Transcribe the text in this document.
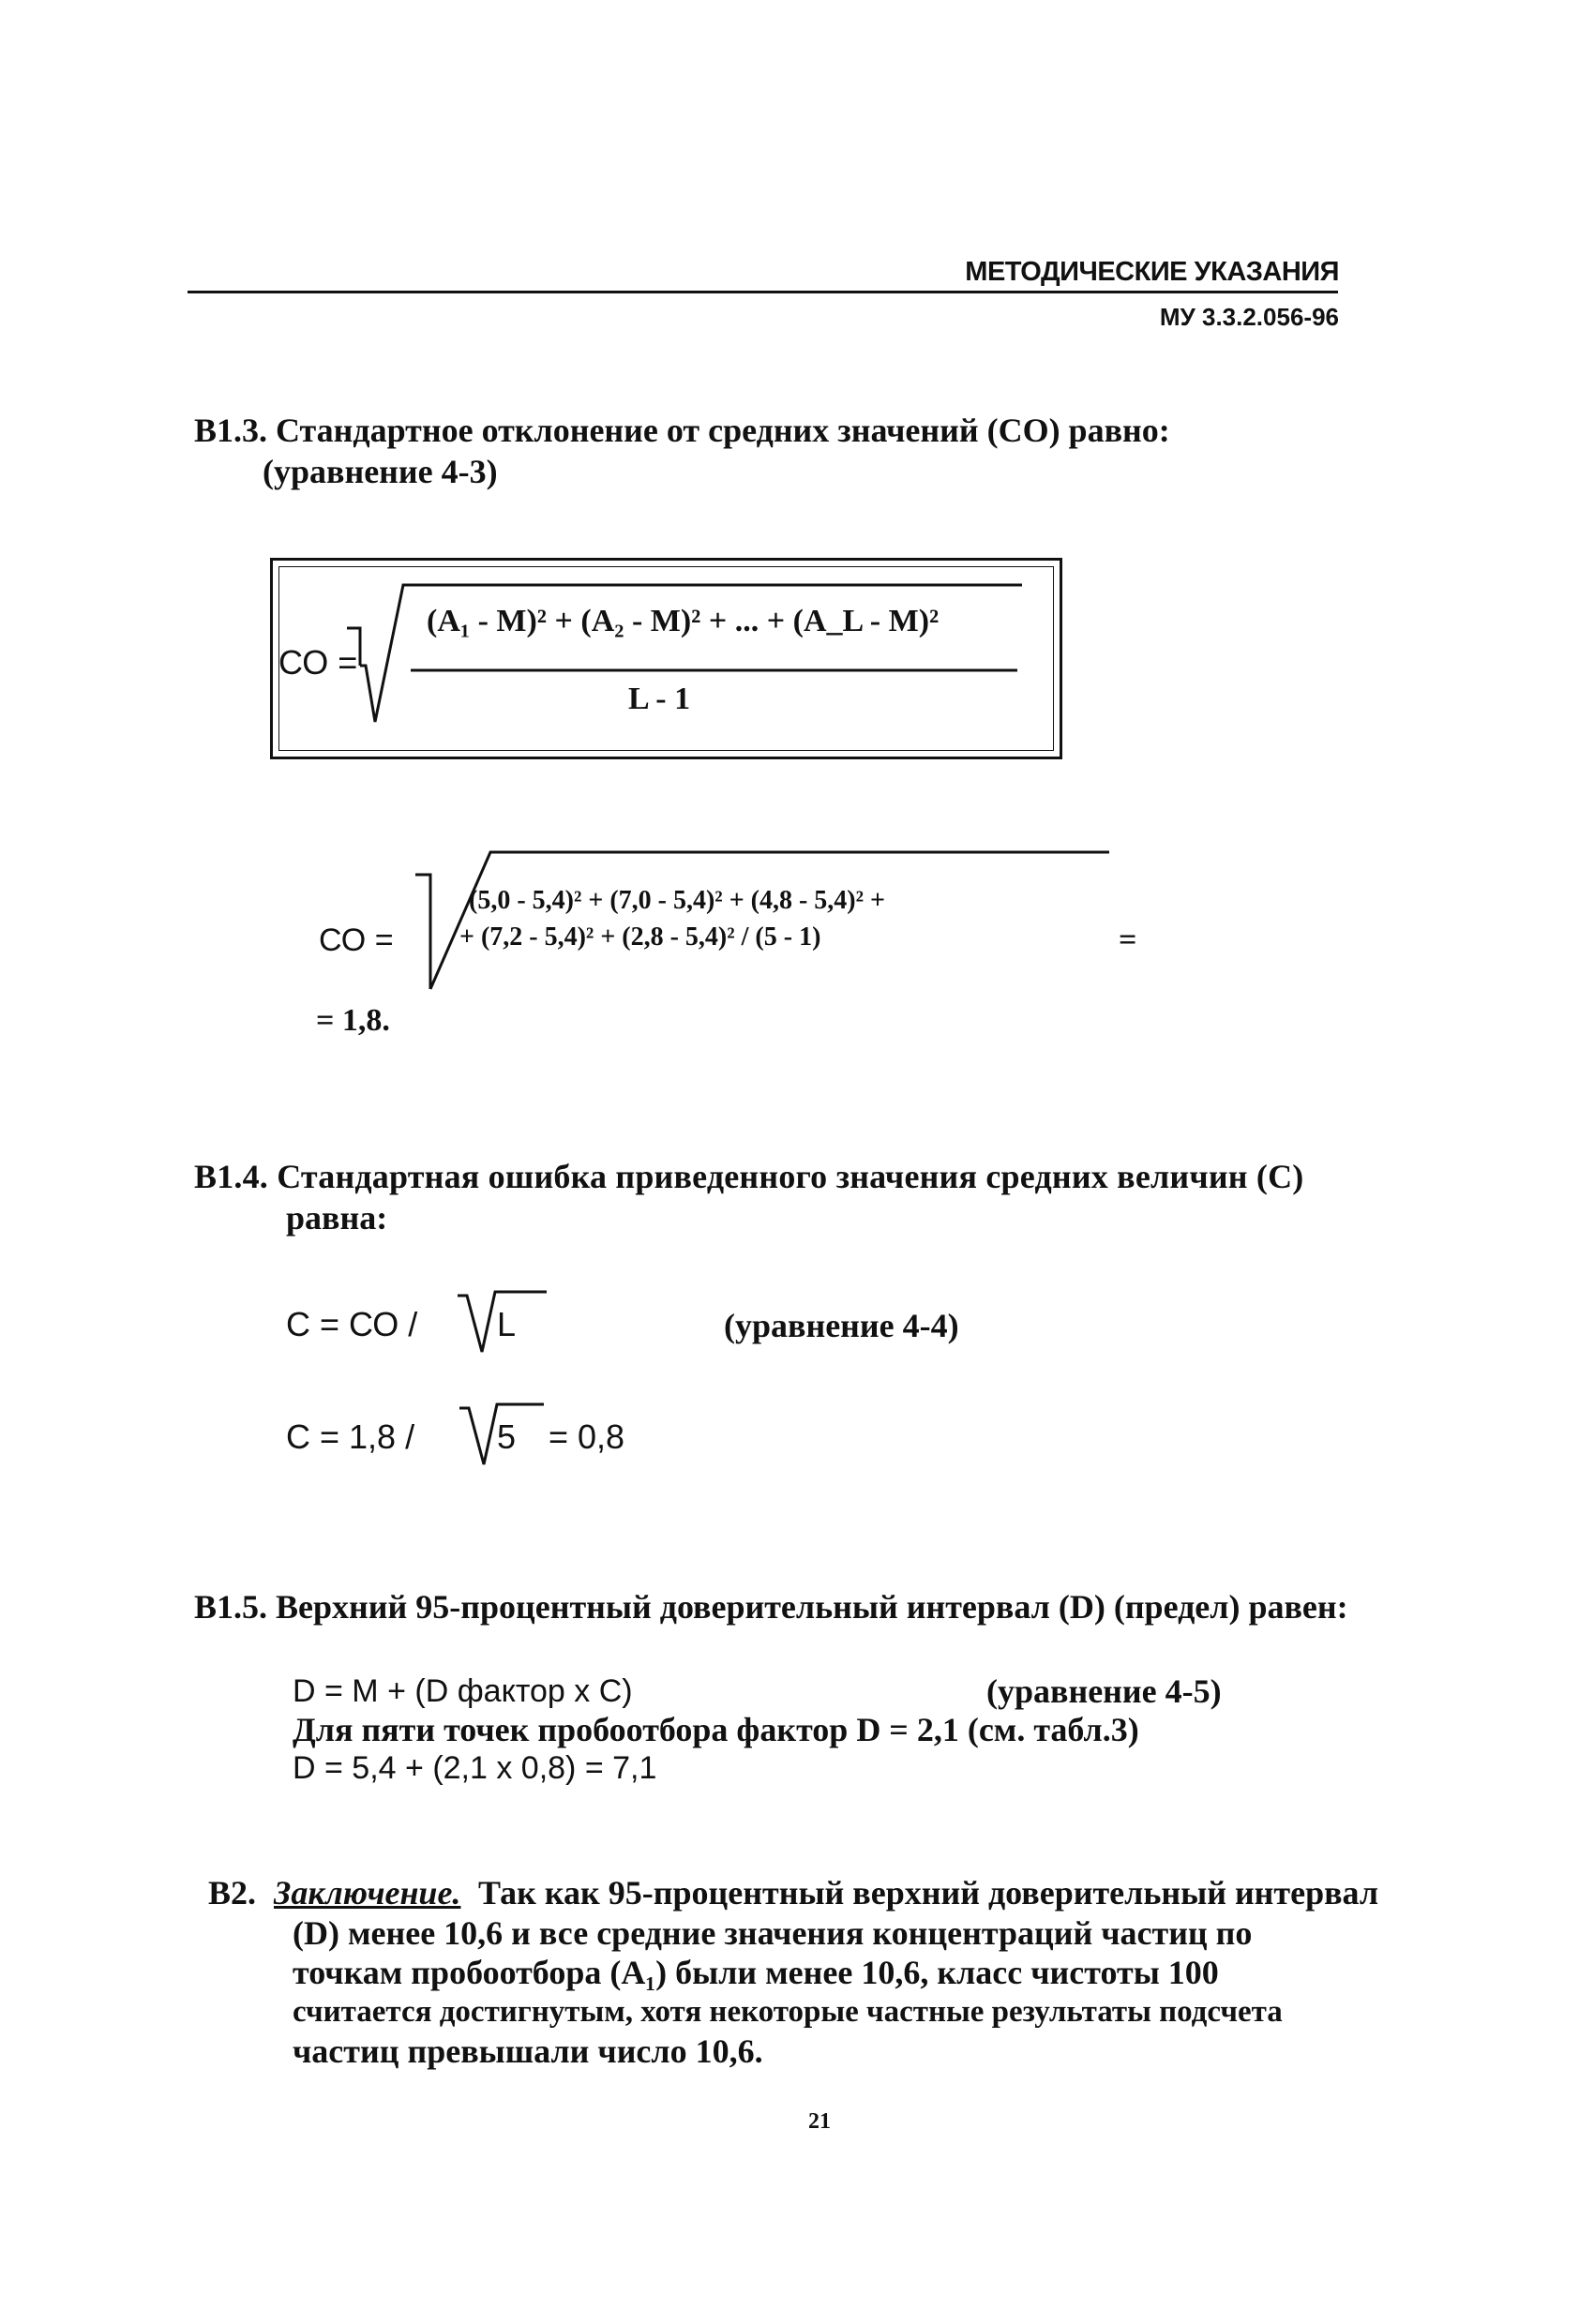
МЕТОДИЧЕСКИЕ УКАЗАНИЯ
МУ 3.3.2.056-96
В1.3. Стандартное отклонение от средних значений (СО) равно:
(уравнение 4-3)
СО =
(A₁ - M)² + (A₂ - M)² + ... + (A_L - M)²
L - 1
СО =
(5,0 - 5,4)² + (7,0 - 5,4)² + (4,8 - 5,4)² +
+ (7,2 - 5,4)² + (2,8 - 5,4)² / (5 - 1)	=
= 1,8.
В1.4. Стандартная ошибка приведенного значения средних величин (С)
равна:
С = СО / L	(уравнение 4-4)
С = 1,8 /	= 0,8
5
В1.5. Верхний 95-процентный доверительный интервал (D) (предел) равен:
D = M + (D фактор x C)	(уравнение 4-5)
Для пяти точек пробоотбора фактор D = 2,1 (см. табл.3)
D = 5,4 + (2,1 x 0,8) = 7,1
В2. Заключение. Так как 95-процентный верхний доверительный интервал
(D) менее 10,6 и все средние значения концентраций частиц по
точкам пробоотбора (A₁) были менее 10,6, класс чистоты 100
считается достигнутым, хотя некоторые частные результаты подсчета
частиц превышали число 10,6.
21
